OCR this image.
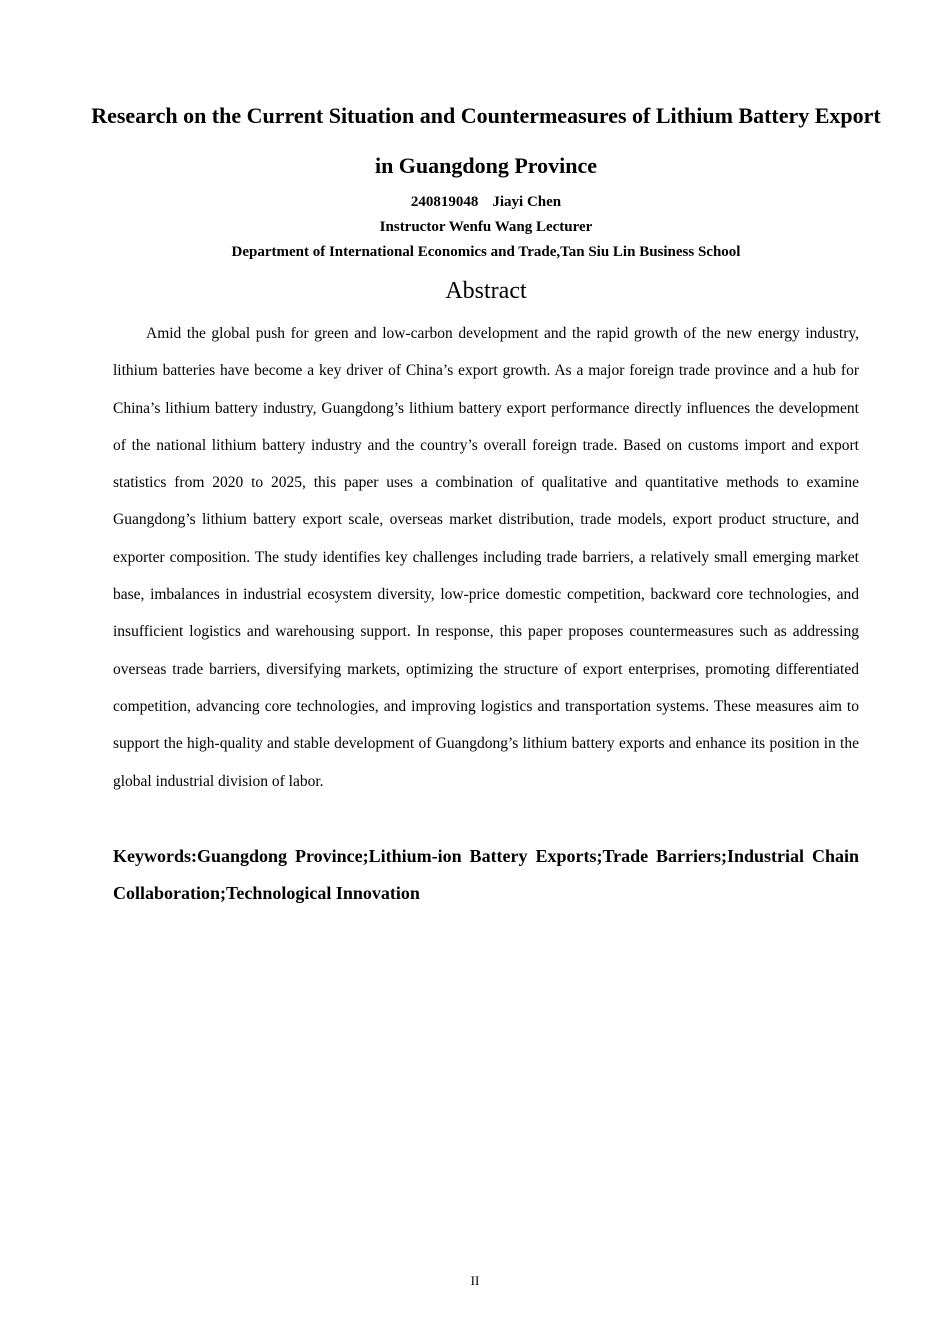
Research on the Current Situation and Countermeasures of Lithium Battery Export in Guangdong Province
240819048 Jiayi Chen
Instructor Wenfu Wang Lecturer
Department of International Economics and Trade,Tan Siu Lin Business School
Abstract

Amid the global push for green and low-carbon development and the rapid growth of the new energy industry, lithium batteries have become a key driver of China’s export growth. As a major foreign trade province and a hub for China’s lithium battery industry, Guangdong’s lithium battery export performance directly influences the development of the national lithium battery industry and the country’s overall foreign trade. Based on customs import and export statistics from 2020 to 2025, this paper uses a combination of qualitative and quantitative methods to examine Guangdong’s lithium battery export scale, overseas market distribution, trade models, export product structure, and exporter composition. The study identifies key challenges including trade barriers, a relatively small emerging market base, imbalances in industrial ecosystem diversity, low-price domestic competition, backward core technologies, and insufficient logistics and warehousing support. In response, this paper proposes countermeasures such as addressing overseas trade barriers, diversifying markets, optimizing the structure of export enterprises, promoting differentiated competition, advancing core technologies, and improving logistics and transportation systems. These measures aim to support the high-quality and stable development of Guangdong’s lithium battery exports and enhance its position in the global industrial division of labor.

Keywords:Guangdong Province;Lithium-ion Battery Exports;Trade Barriers;Industrial Chain Collaboration;Technological Innovation

II
